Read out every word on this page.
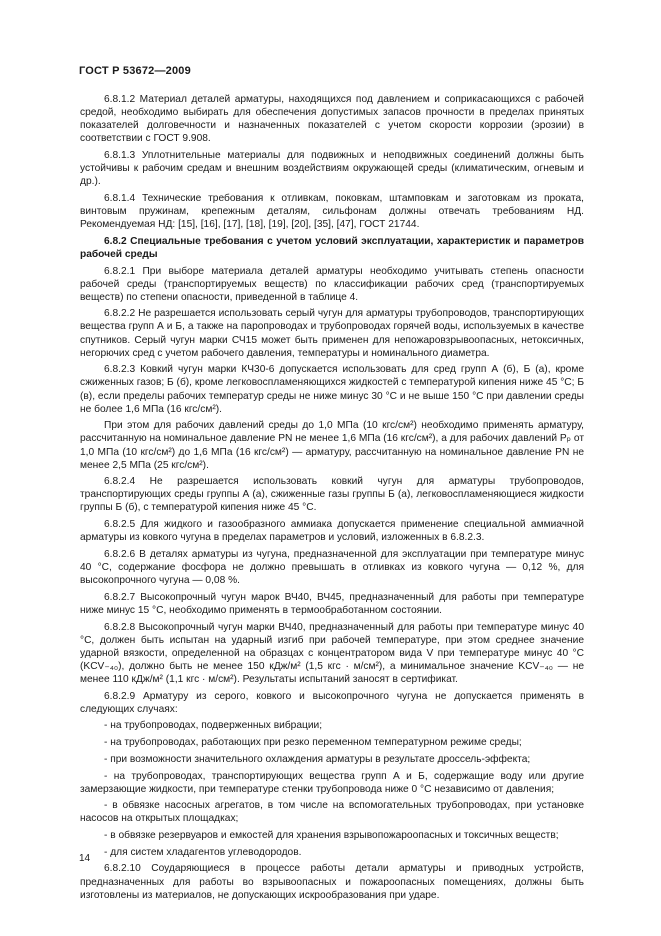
ГОСТ Р 53672—2009

6.8.1.2 Материал деталей арматуры, находящихся под давлением и соприкасающихся с рабочей средой, необходимо выбирать для обеспечения допустимых запасов прочности в пределах принятых показателей долговечности и назначенных показателей с учетом скорости коррозии (эрозии) в соответствии с ГОСТ 9.908.

6.8.1.3 Уплотнительные материалы для подвижных и неподвижных соединений должны быть устойчивы к рабочим средам и внешним воздействиям окружающей среды (климатическим, огневым и др.).

6.8.1.4 Технические требования к отливкам, поковкам, штамповкам и заготовкам из проката, винтовым пружинам, крепежным деталям, сильфонам должны отвечать требованиям НД. Рекомендуемая НД: [15], [16], [17], [18], [19], [20], [35], [47], ГОСТ 21744.

6.8.2 Специальные требования с учетом условий эксплуатации, характеристик и параметров рабочей среды

6.8.2.1 При выборе материала деталей арматуры необходимо учитывать степень опасности рабочей среды (транспортируемых веществ) по классификации рабочих сред (транспортируемых веществ) по степени опасности, приведенной в таблице 4.

6.8.2.2 Не разрешается использовать серый чугун для арматуры трубопроводов, транспортирующих вещества групп А и Б, а также на паропроводах и трубопроводах горячей воды, используемых в качестве спутников. Серый чугун марки СЧ15 может быть применен для непожаровзрывоопасных, нетоксичных, негорючих сред с учетом рабочего давления, температуры и номинального диаметра.

6.8.2.3 Ковкий чугун марки КЧ30-6 допускается использовать для сред групп А (б), Б (а), кроме сжиженных газов; Б (б), кроме легковоспламеняющихся жидкостей с температурой кипения ниже 45 °С; Б (в), если пределы рабочих температур среды не ниже минус 30 °С и не выше 150 °С при давлении среды не более 1,6 МПа (16 кгс/см²).

При этом для рабочих давлений среды до 1,0 МПа (10 кгс/см²) необходимо применять арматуру, рассчитанную на номинальное давление PN не менее 1,6 МПа (16 кгс/см²), а для рабочих давлений Pₚ от 1,0 МПа (10 кгс/см²) до 1,6 МПа (16 кгс/см²) — арматуру, рассчитанную на номинальное давление PN не менее 2,5 МПа (25 кгс/см²).

6.8.2.4 Не разрешается использовать ковкий чугун для арматуры трубопроводов, транспортирующих среды группы А (а), сжиженные газы группы Б (а), легковоспламеняющиеся жидкости группы Б (б), с температурой кипения ниже 45 °С.

6.8.2.5 Для жидкого и газообразного аммиака допускается применение специальной аммиачной арматуры из ковкого чугуна в пределах параметров и условий, изложенных в 6.8.2.3.

6.8.2.6 В деталях арматуры из чугуна, предназначенной для эксплуатации при температуре минус 40 °С, содержание фосфора не должно превышать в отливках из ковкого чугуна — 0,12 %, для высокопрочного чугуна — 0,08 %.

6.8.2.7 Высокопрочный чугун марок ВЧ40, ВЧ45, предназначенный для работы при температуре ниже минус 15 °С, необходимо применять в термообработанном состоянии.

6.8.2.8 Высокопрочный чугун марки ВЧ40, предназначенный для работы при температуре минус 40 °С, должен быть испытан на ударный изгиб при рабочей температуре, при этом среднее значение ударной вязкости, определенной на образцах с концентратором вида V при температуре минус 40 °С (KCV₋₄₀), должно быть не менее 150 кДж/м² (1,5 кгс · м/см²), а минимальное значение KCV₋₄₀ — не менее 110 кДж/м² (1,1 кгс · м/см²). Результаты испытаний заносят в сертификат.

6.8.2.9 Арматуру из серого, ковкого и высокопрочного чугуна не допускается применять в следующих случаях:

- на трубопроводах, подверженных вибрации;

- на трубопроводах, работающих при резко переменном температурном режиме среды;

- при возможности значительного охлаждения арматуры в результате дроссель-эффекта;

- на трубопроводах, транспортирующих вещества групп А и Б, содержащие воду или другие замерзающие жидкости, при температуре стенки трубопровода ниже 0 °С независимо от давления;

- в обвязке насосных агрегатов, в том числе на вспомогательных трубопроводах, при установке насосов на открытых площадках;

- в обвязке резервуаров и емкостей для хранения взрывопожароопасных и токсичных веществ;

- для систем хладагентов углеводородов.

6.8.2.10 Соударяющиеся в процессе работы детали арматуры и приводных устройств, предназначенных для работы во взрывоопасных и пожароопасных помещениях, должны быть изготовлены из материалов, не допускающих искрообразования при ударе.

14
